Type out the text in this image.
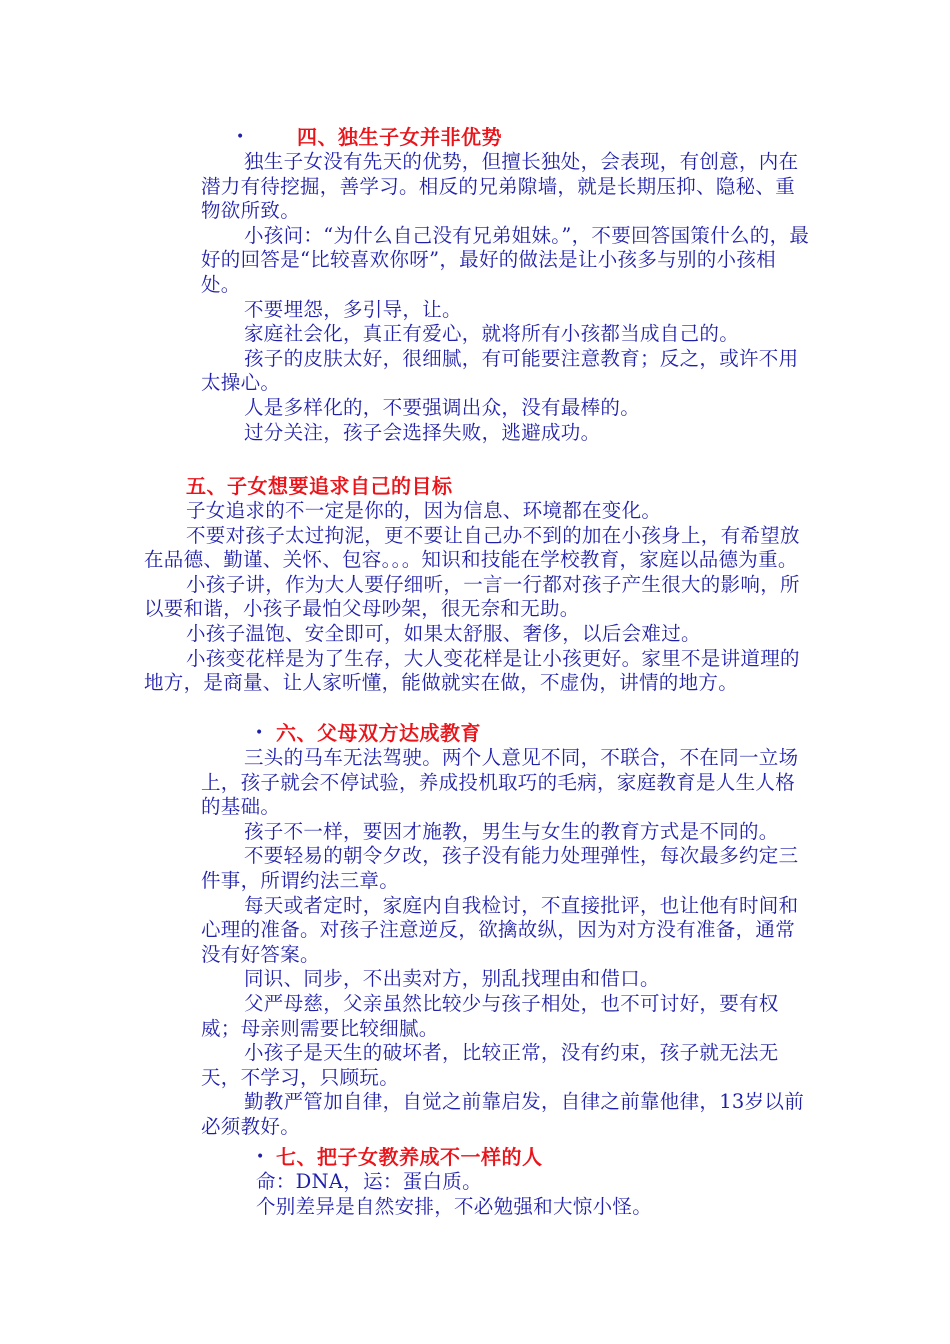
•	四、独生子女并非优势

独生子女没有先天的优势，但擅长独处，会表现，有创意，内在潜力有待挖掘，善学习。相反的兄弟隙墙，就是长期压抑、隐秘、重物欲所致。

小孩问：“为什么自己没有兄弟姐妹。”，不要回答国策什么的，最好的回答是“比较喜欢你呀”，最好的做法是让小孩多与别的小孩相处。

不要埋怨，多引导，让。

家庭社会化，真正有爱心，就将所有小孩都当成自己的。

孩子的皮肤太好，很细腻，有可能要注意教育；反之，或许不用太操心。

人是多样化的，不要强调出众，没有最棒的。

过分关注，孩子会选择失败，逃避成功。

五、子女想要追求自己的目标

子女追求的不一定是你的，因为信息、环境都在变化。

不要对孩子太过拘泥，更不要让自己办不到的加在小孩身上，有希望放在品德、勤谨、关怀、包容。。。知识和技能在学校教育，家庭以品德为重。

小孩子讲，作为大人要仔细听，一言一行都对孩子产生很大的影响，所以要和谐，小孩子最怕父母吵架，很无奈和无助。

小孩子温饱、安全即可，如果太舒服、奢侈，以后会难过。

小孩变花样是为了生存，大人变花样是让小孩更好。家里不是讲道理的地方，是商量、让人家听懂，能做就实在做，不虚伪，讲情的地方。

• 六、父母双方达成教育

三头的马车无法驾驶。两个人意见不同，不联合，不在同一立场上，孩子就会不停试验，养成投机取巧的毛病，家庭教育是人生人格的基础。

孩子不一样，要因才施教，男生与女生的教育方式是不同的。

不要轻易的朝令夕改，孩子没有能力处理弹性，每次最多约定三件事，所谓约法三章。

每天或者定时，家庭内自我检讨，不直接批评，也让他有时间和心理的准备。对孩子注意逆反，欲擒故纵，因为对方没有准备，通常没有好答案。

同识、同步，不出卖对方，别乱找理由和借口。

父严母慈，父亲虽然比较少与孩子相处，也不可讨好，要有权威；母亲则需要比较细腻。

小孩子是天生的破坏者，比较正常，没有约束，孩子就无法无天，不学习，只顾玩。

勤教严管加自律，自觉之前靠启发，自律之前靠他律，13岁以前必须教好。

• 七、把子女教养成不一样的人

命：DNA，运：蛋白质。

个别差异是自然安排，不必勉强和大惊小怪。
